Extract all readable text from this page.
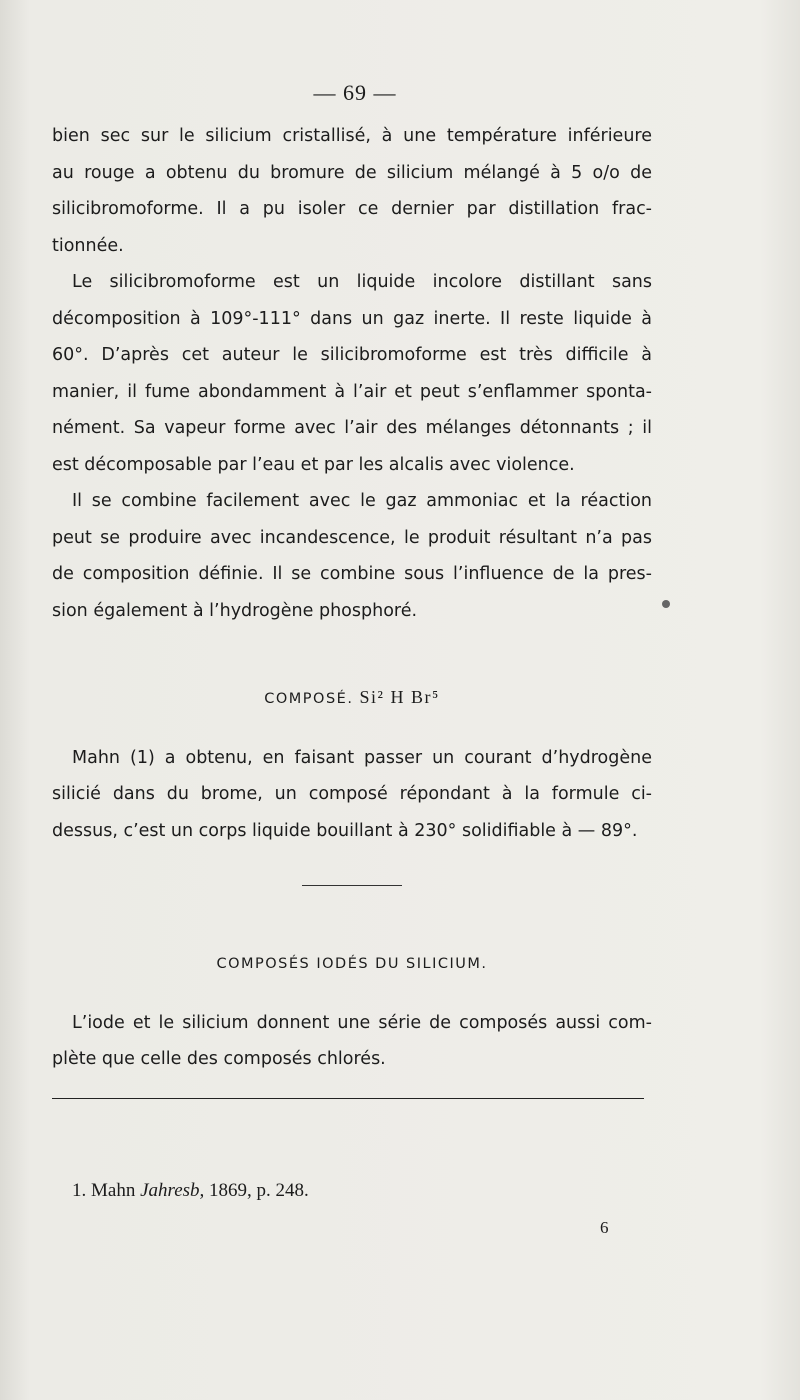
— 69 —
bien sec sur le silicium cristallisé, à une température inférieure
au rouge a obtenu du bromure de silicium mélangé à 5 o/o de
silicibromoforme. Il a pu isoler ce dernier par distillation frac-
tionnée.
Le silicibromoforme est un liquide incolore distillant sans
décomposition à 109°-111° dans un gaz inerte. Il reste liquide à
60°. D’après cet auteur le silicibromoforme est très difficile à
manier, il fume abondamment à l’air et peut s’enflammer sponta-
nément. Sa vapeur forme avec l’air des mélanges détonnants ; il
est décomposable par l’eau et par les alcalis avec violence.
Il se combine facilement avec le gaz ammoniac et la réaction
peut se produire avec incandescence, le produit résultant n’a pas
de composition définie. Il se combine sous l’influence de la pres-
sion également à l’hydrogène phosphoré.
COMPOSÉ. Si² H Br⁵
Mahn (1) a obtenu, en faisant passer un courant d’hydrogène
silicié dans du brome, un composé répondant à la formule ci-
dessus, c’est un corps liquide bouillant à 230° solidifiable à — 89°.
COMPOSÉS IODÉS DU SILICIUM.
L’iode et le silicium donnent une série de composés aussi com-
plète que celle des composés chlorés.
1. Mahn Jahresb, 1869, p. 248.
6
